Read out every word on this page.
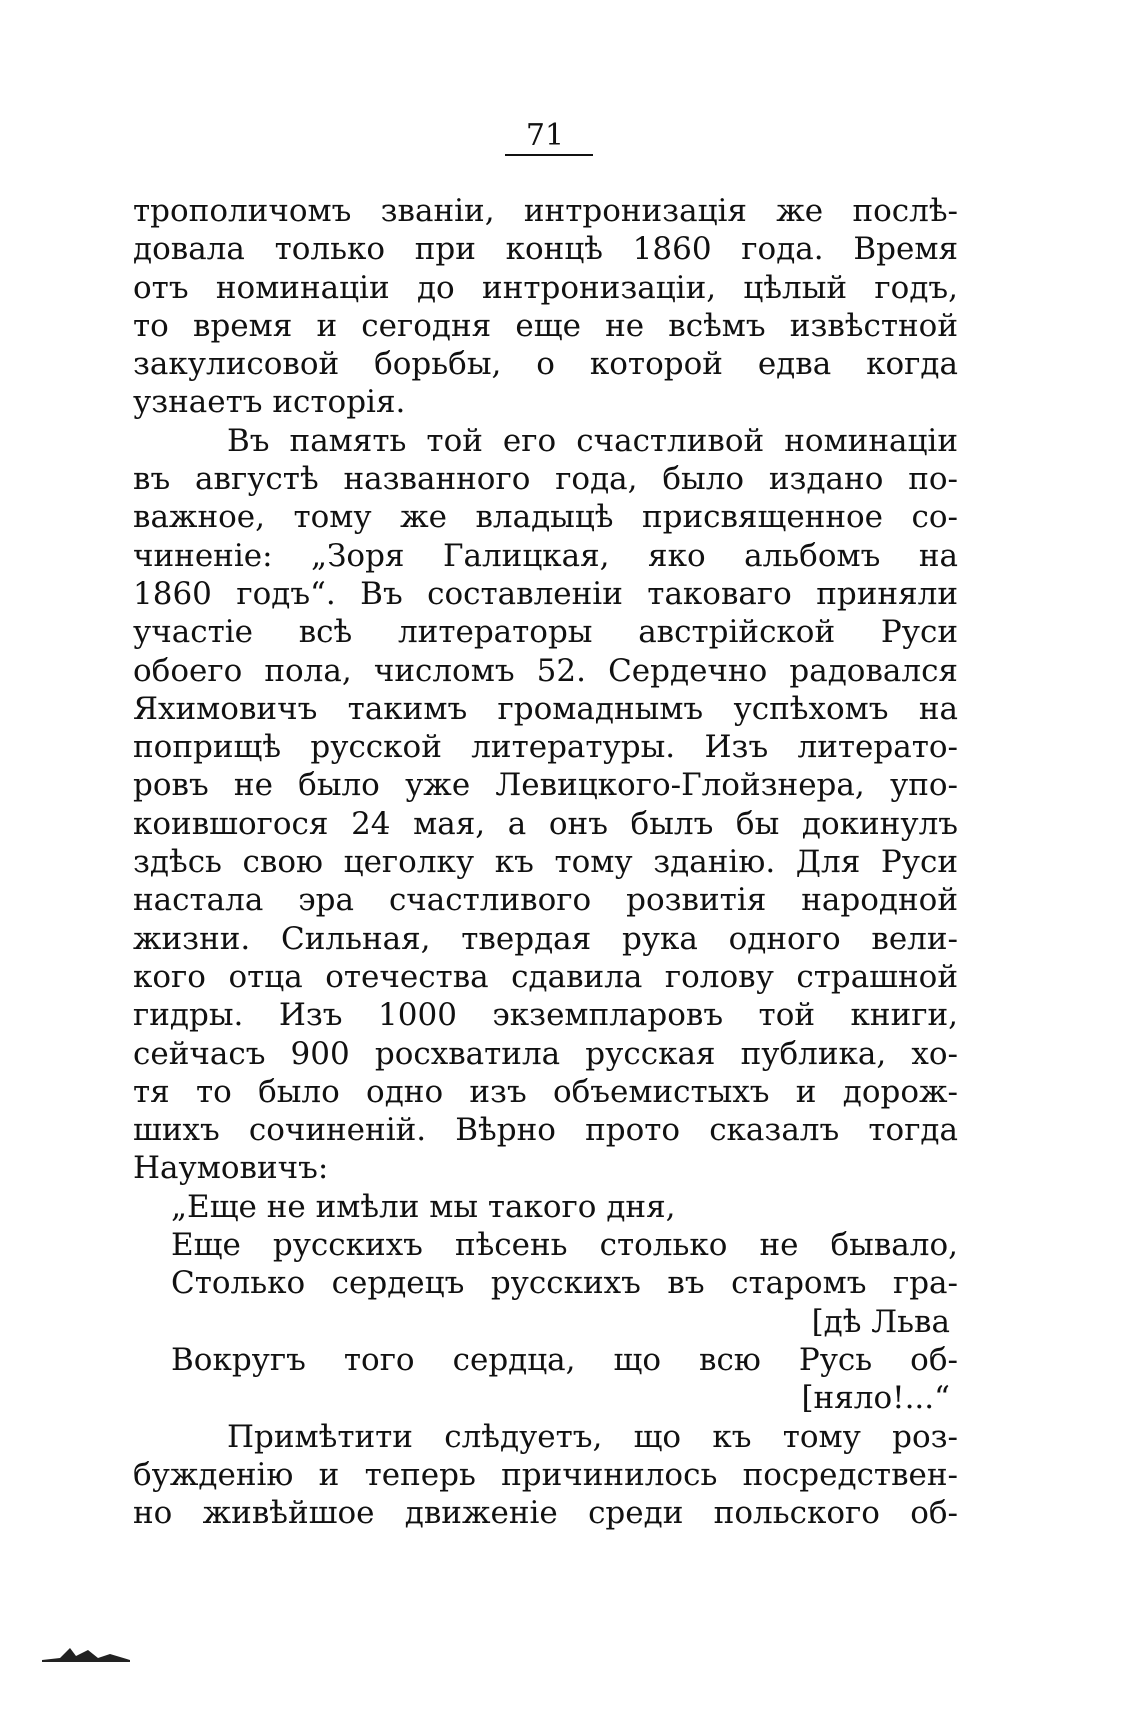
71
трополичомъ званіи, интронизація же послѣ-
довала только при концѣ 1860 года. Время
отъ номинаціи до интронизаціи, цѣлый годъ,
то время и сегодня еще не всѣмъ извѣстной
закулисовой борьбы, о которой едва когда
узнаетъ исторія.
Въ память той его счастливой номинаціи
въ августѣ названного года, было издано по-
важное, тому же владыцѣ присвященное со-
чиненіе: „Зоря Галицкая, яко альбомъ на
1860 годъ“. Въ составленіи таковаго приняли
участіе всѣ литераторы австрійской Руси
обоего пола, числомъ 52. Сердечно радовался
Яхимовичъ такимъ громаднымъ успѣхомъ на
поприщѣ русской литературы. Изъ литерато-
ровъ не было уже Левицкого-Глойзнера, упо-
коившогося 24 мая, а онъ былъ бы докинулъ
здѣсь свою цеголку къ тому зданію. Для Руси
настала эра счастливого розвитія народной
жизни. Сильная, твердая рука одного вели-
кого отца отечества сдавила голову страшной
гидры. Изъ 1000 экземпларовъ той книги,
сейчасъ 900 росхватила русская публика, хо-
тя то было одно изъ объемистыхъ и дорож-
шихъ сочиненій. Вѣрно прото сказалъ тогда
Наумовичъ:
„Еще не имѣли мы такого дня,
Еще русскихъ пѣсень столько не бывало,
Столько сердецъ русскихъ въ старомъ гра-
[дѣ Льва
Вокругъ того сердца, що всю Русь об-
[няло!...“
Примѣтити слѣдуетъ, що къ тому роз-
бужденію и теперь причинилось посредствен-
но живѣйшое движеніе среди польского об-
